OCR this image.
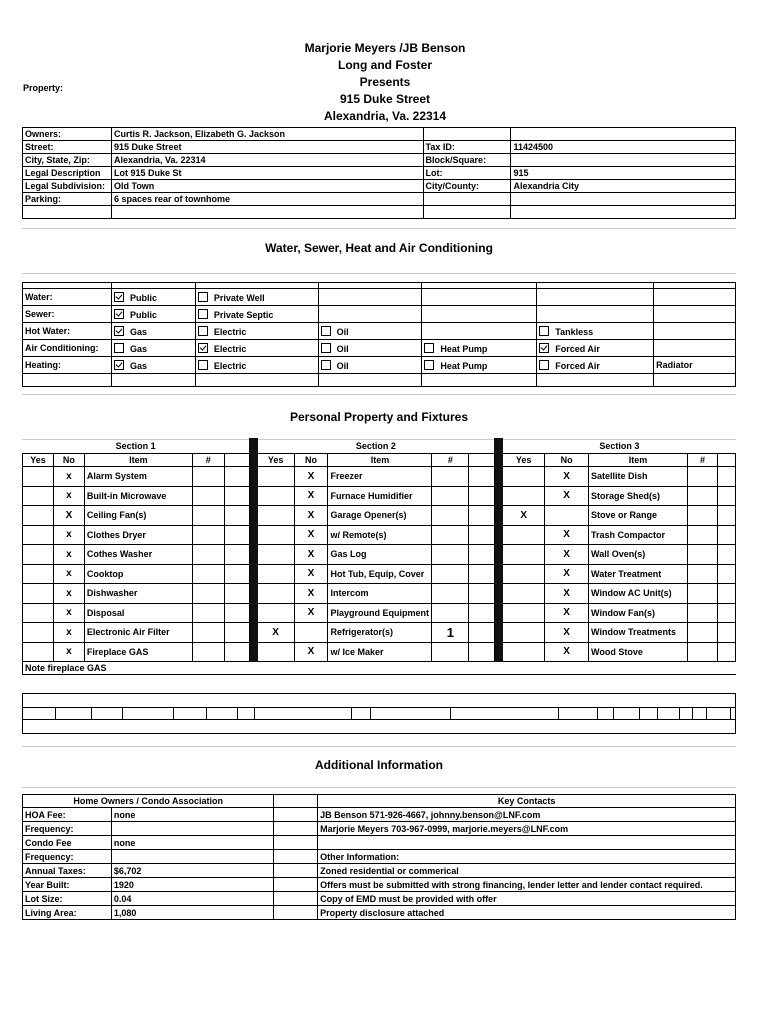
Marjorie Meyers /JB Benson
Long and Foster
Presents
915 Duke Street
Alexandria, Va. 22314
Property:
Owners:	Curtis R. Jackson, Elizabeth G. Jackson		
Street:	915 Duke Street	Tax ID:	11424500
City, State, Zip:	Alexandria, Va. 22314	Block/Square:	
Legal Description	Lot 915 Duke St	Lot:	915
Legal Subdivision:	Old Town	City/County:	Alexandria City
Parking:	6 spaces rear of townhome		

Water, Sewer, Heat and Air Conditioning

Water:	Public	Private Well				
Sewer:	Public	Private Septic				
Hot Water:	Gas	Electric	Oil		Tankless	
Air Conditioning:	Gas	Electric	Oil	Heat Pump	Forced Air	
Heating:	Gas	Electric	Oil	Heat Pump	Forced Air	Radiator

Personal Property and Fixtures
Section 1						Section 2						Section 3				
Yes	No	Item	#			Yes	No	Item	#			Yes	No	Item	#	
	x	Alarm System					X	Freezer					X	Satellite Dish		
	x	Built-in Microwave					X	Furnace Humidifier					X	Storage Shed(s)		
	X	Ceiling Fan(s)					X	Garage Opener(s)				X		Stove or Range		
	x	Clothes Dryer					X	w/ Remote(s)					X	Trash Compactor		
	x	Cothes Washer					X	Gas Log					X	Wall Oven(s)		
	x	Cooktop					X	Hot Tub, Equip, Cover					X	Water Treatment		
	x	Dishwasher					X	Intercom					X	Window AC Unit(s)		
	x	Disposal					X	Playground Equipment					X	Window Fan(s)		
	x	Electronic Air Filter				X		Refrigerator(s)	1				X	Window Treatments		
	x	Fireplace GAS					X	w/ Ice Maker					X	Wood Stove		
Note fireplace GAS																

Additional Information
Home Owners / Condo Association			Key Contacts
HOA Fee:	none		JB Benson 571-926-4667, johnny.benson@LNF.com
Frequency:			Marjorie Meyers 703-967-0999, marjorie.meyers@LNF.com
Condo Fee	none		
Frequency:			Other Information:
Annual Taxes:	$6,702		Zoned residential or commerical
Year Built:	1920		Offers must be submitted with strong financing, lender letter and lender contact required.
Lot Size:	0.04		Copy of EMD must be provided with offer
Living Area:	1,080		Property disclosure attached
